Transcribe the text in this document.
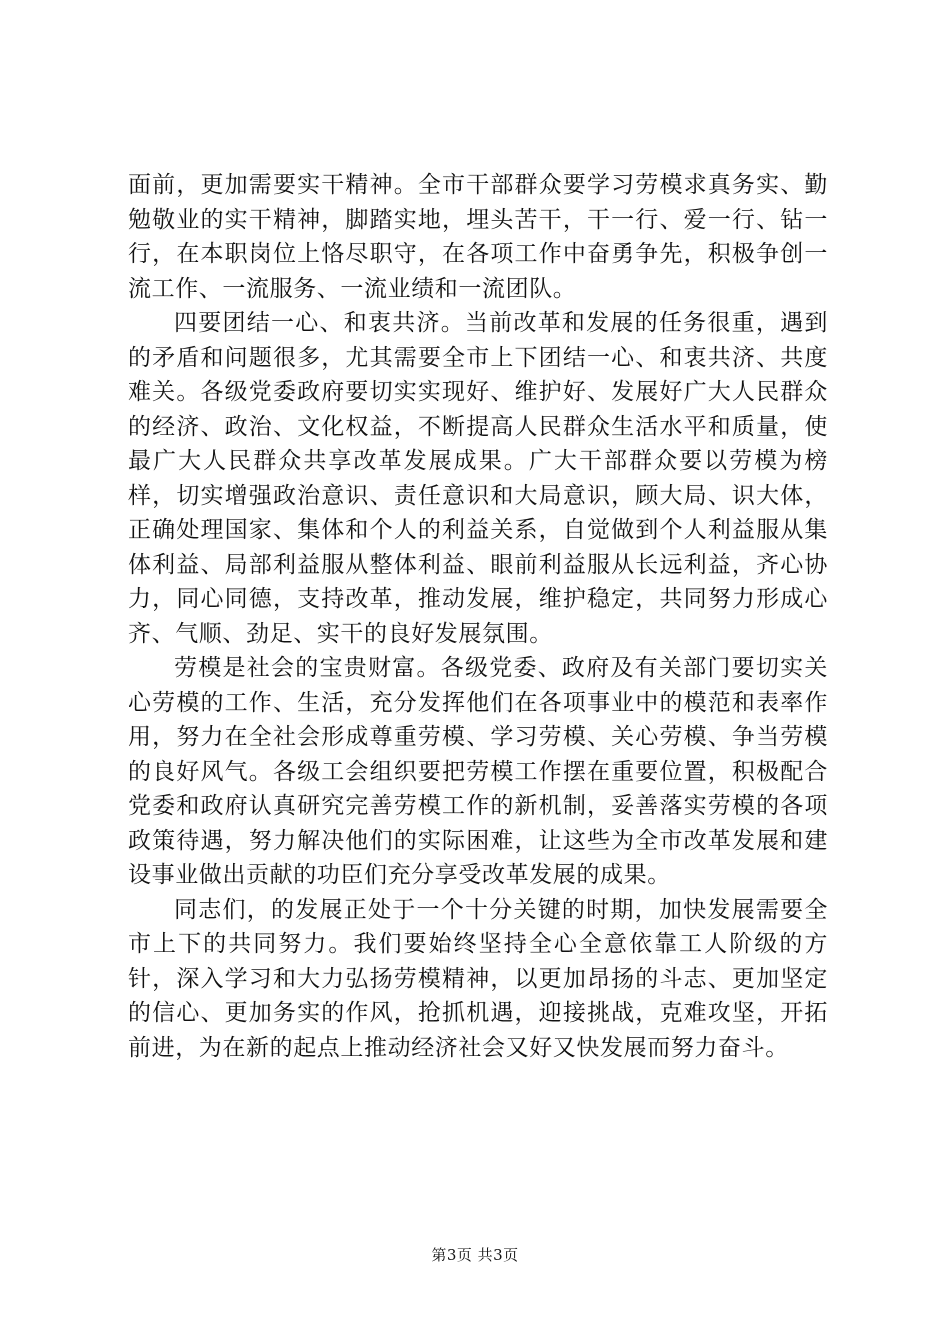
面前，更加需要实干精神。全市干部群众要学习劳模求真务实、勤勉敬业的实干精神，脚踏实地，埋头苦干，干一行、爱一行、钻一行，在本职岗位上恪尽职守，在各项工作中奋勇争先，积极争创一流工作、一流服务、一流业绩和一流团队。

四要团结一心、和衷共济。当前改革和发展的任务很重，遇到的矛盾和问题很多，尤其需要全市上下团结一心、和衷共济、共度难关。各级党委政府要切实实现好、维护好、发展好广大人民群众的经济、政治、文化权益，不断提高人民群众生活水平和质量，使最广大人民群众共享改革发展成果。广大干部群众要以劳模为榜样，切实增强政治意识、责任意识和大局意识，顾大局、识大体，正确处理国家、集体和个人的利益关系，自觉做到个人利益服从集体利益、局部利益服从整体利益、眼前利益服从长远利益，齐心协力，同心同德，支持改革，推动发展，维护稳定，共同努力形成心齐、气顺、劲足、实干的良好发展氛围。

劳模是社会的宝贵财富。各级党委、政府及有关部门要切实关心劳模的工作、生活，充分发挥他们在各项事业中的模范和表率作用，努力在全社会形成尊重劳模、学习劳模、关心劳模、争当劳模的良好风气。各级工会组织要把劳模工作摆在重要位置，积极配合党委和政府认真研究完善劳模工作的新机制，妥善落实劳模的各项政策待遇，努力解决他们的实际困难，让这些为全市改革发展和建设事业做出贡献的功臣们充分享受改革发展的成果。

同志们，的发展正处于一个十分关键的时期，加快发展需要全市上下的共同努力。我们要始终坚持全心全意依靠工人阶级的方针，深入学习和大力弘扬劳模精神，以更加昂扬的斗志、更加坚定的信心、更加务实的作风，抢抓机遇，迎接挑战，克难攻坚，开拓前进，为在新的起点上推动经济社会又好又快发展而努力奋斗。

第3页 共3页
